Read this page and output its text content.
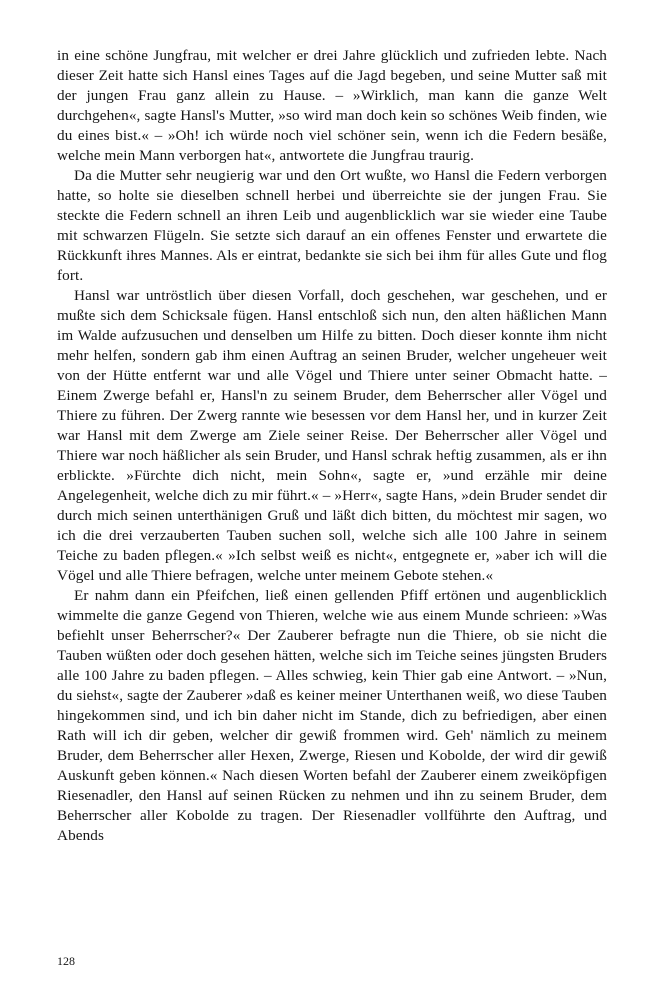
in eine schöne Jungfrau, mit welcher er drei Jahre glücklich und zufrieden lebte. Nach dieser Zeit hatte sich Hansl eines Tages auf die Jagd begeben, und seine Mutter saß mit der jungen Frau ganz allein zu Hause. – »Wirklich, man kann die ganze Welt durchgehen«, sagte Hansl's Mutter, »so wird man doch kein so schönes Weib finden, wie du eines bist.« – »Oh! ich würde noch viel schöner sein, wenn ich die Federn besäße, welche mein Mann verborgen hat«, antwortete die Jungfrau traurig.

Da die Mutter sehr neugierig war und den Ort wußte, wo Hansl die Federn verborgen hatte, so holte sie dieselben schnell herbei und überreichte sie der jungen Frau. Sie steckte die Federn schnell an ihren Leib und augenblicklich war sie wieder eine Taube mit schwarzen Flügeln. Sie setzte sich darauf an ein offenes Fenster und erwartete die Rückkunft ihres Mannes. Als er eintrat, bedankte sie sich bei ihm für alles Gute und flog fort.

Hansl war untröstlich über diesen Vorfall, doch geschehen, war geschehen, und er mußte sich dem Schicksale fügen. Hansl entschloß sich nun, den alten häßlichen Mann im Walde aufzusuchen und denselben um Hilfe zu bitten. Doch dieser konnte ihm nicht mehr helfen, sondern gab ihm einen Auftrag an seinen Bruder, welcher ungeheuer weit von der Hütte entfernt war und alle Vögel und Thiere unter seiner Obmacht hatte. – Einem Zwerge befahl er, Hansl'n zu seinem Bruder, dem Beherrscher aller Vögel und Thiere zu führen. Der Zwerg rannte wie besessen vor dem Hansl her, und in kurzer Zeit war Hansl mit dem Zwerge am Ziele seiner Reise. Der Beherrscher aller Vögel und Thiere war noch häßlicher als sein Bruder, und Hansl schrak heftig zusammen, als er ihn erblickte. »Fürchte dich nicht, mein Sohn«, sagte er, »und erzähle mir deine Angelegenheit, welche dich zu mir führt.« – »Herr«, sagte Hans, »dein Bruder sendet dir durch mich seinen unterthänigen Gruß und läßt dich bitten, du möchtest mir sagen, wo ich die drei verzauberten Tauben suchen soll, welche sich alle 100 Jahre in seinem Teiche zu baden pflegen.« »Ich selbst weiß es nicht«, entgegnete er, »aber ich will die Vögel und alle Thiere befragen, welche unter meinem Gebote stehen.«

Er nahm dann ein Pfeifchen, ließ einen gellenden Pfiff ertönen und augenblicklich wimmelte die ganze Gegend von Thieren, welche wie aus einem Munde schrieen: »Was befiehlt unser Beherrscher?« Der Zauberer befragte nun die Thiere, ob sie nicht die Tauben wüßten oder doch gesehen hätten, welche sich im Teiche seines jüngsten Bruders alle 100 Jahre zu baden pflegen. – Alles schwieg, kein Thier gab eine Antwort. – »Nun, du siehst«, sagte der Zauberer »daß es keiner meiner Unterthanen weiß, wo diese Tauben hingekommen sind, und ich bin daher nicht im Stande, dich zu befriedigen, aber einen Rath will ich dir geben, welcher dir gewiß frommen wird. Geh' nämlich zu meinem Bruder, dem Beherrscher aller Hexen, Zwerge, Riesen und Kobolde, der wird dir gewiß Auskunft geben können.« Nach diesen Worten befahl der Zauberer einem zweiköpfigen Riesenadler, den Hansl auf seinen Rücken zu nehmen und ihn zu seinem Bruder, dem Beherrscher aller Kobolde zu tragen. Der Riesenadler vollführte den Auftrag, und Abends

128
